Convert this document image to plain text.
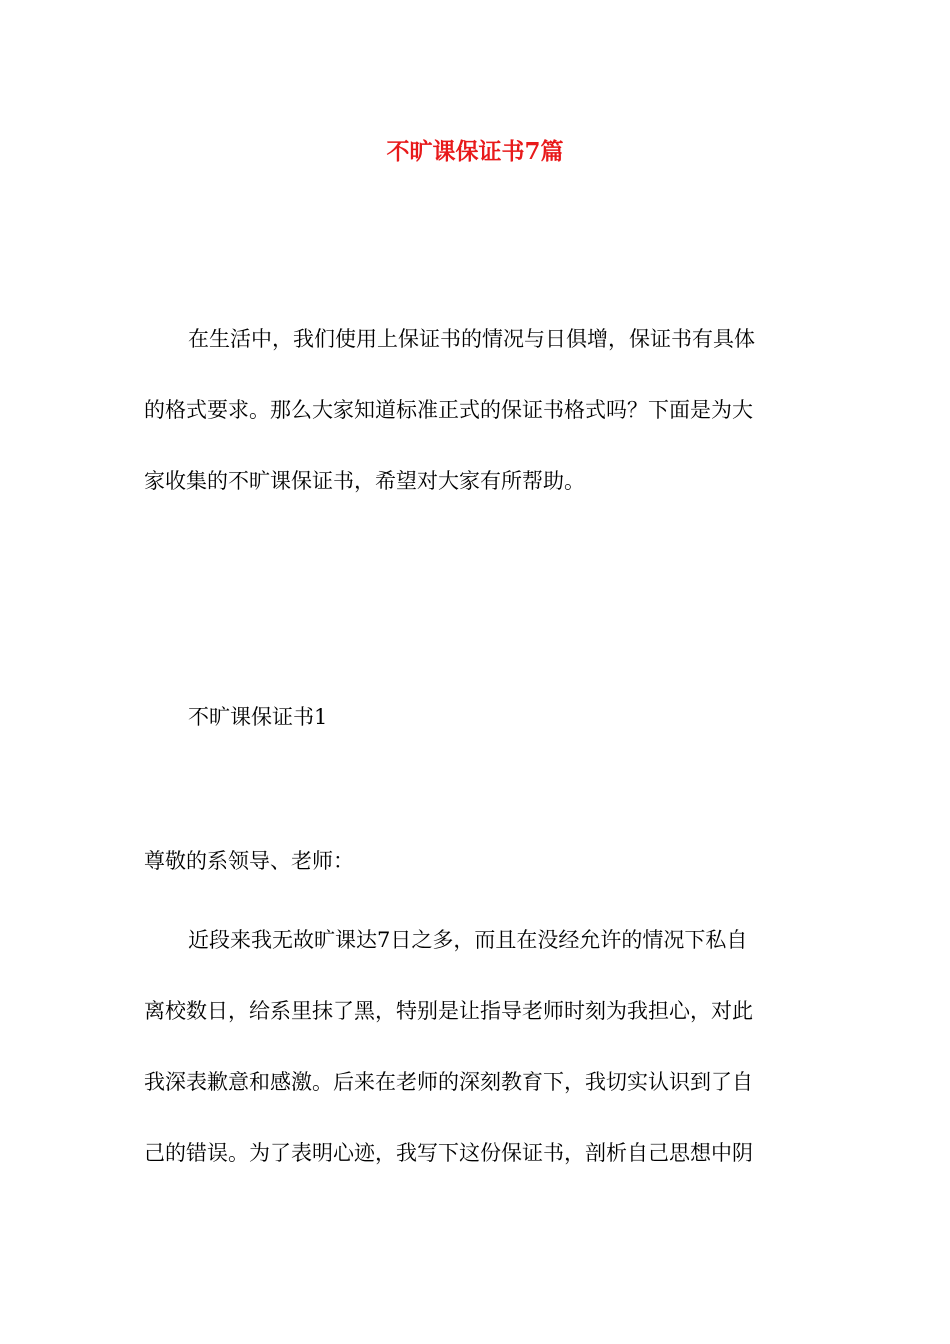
不旷课保证书7篇
在生活中，我们使用上保证书的情况与日俱增，保证书有具体
的格式要求。那么大家知道标准正式的保证书格式吗？下面是为大
家收集的不旷课保证书，希望对大家有所帮助。
不旷课保证书1
尊敬的系领导、老师：
近段来我无故旷课达7日之多，而且在没经允许的情况下私自
离校数日，给系里抹了黑，特别是让指导老师时刻为我担心，对此
我深表歉意和感激。后来在老师的深刻教育下，我切实认识到了自
己的错误。为了表明心迹，我写下这份保证书，剖析自己思想中阴
